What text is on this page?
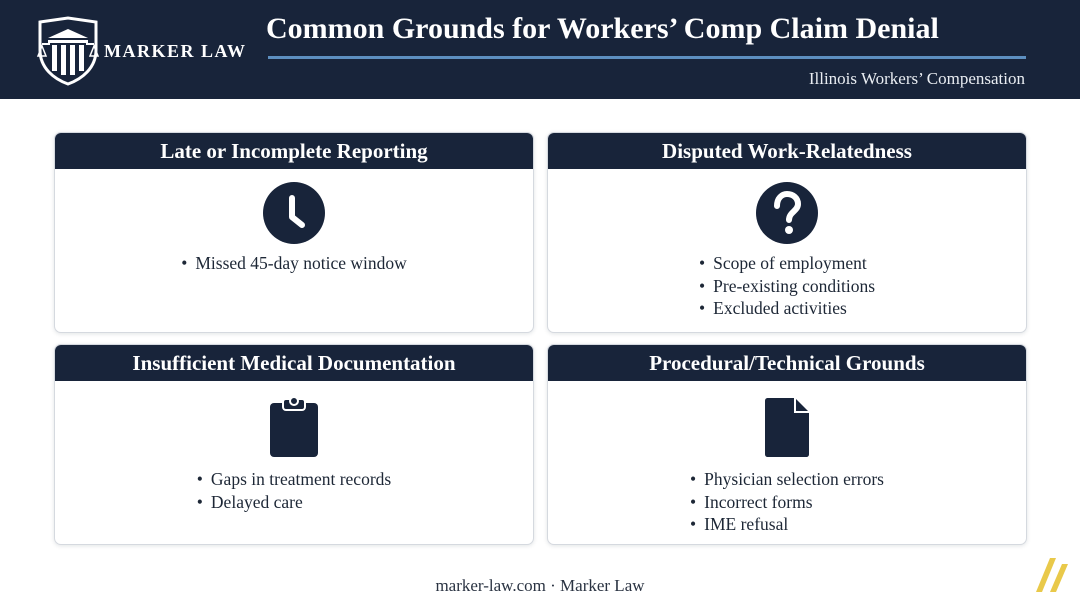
MARKER LAW
Common Grounds for Workers’ Comp Claim Denial
Illinois Workers’ Compensation
Late or Incomplete Reporting
• Missed 45-day notice window
Disputed Work-Relatedness
• Scope of employment
• Pre-existing conditions
• Excluded activities
Insufficient Medical Documentation
• Gaps in treatment records
• Delayed care
Procedural/Technical Grounds
• Physician selection errors
• Incorrect forms
• IME refusal
marker-law.com · Marker Law
